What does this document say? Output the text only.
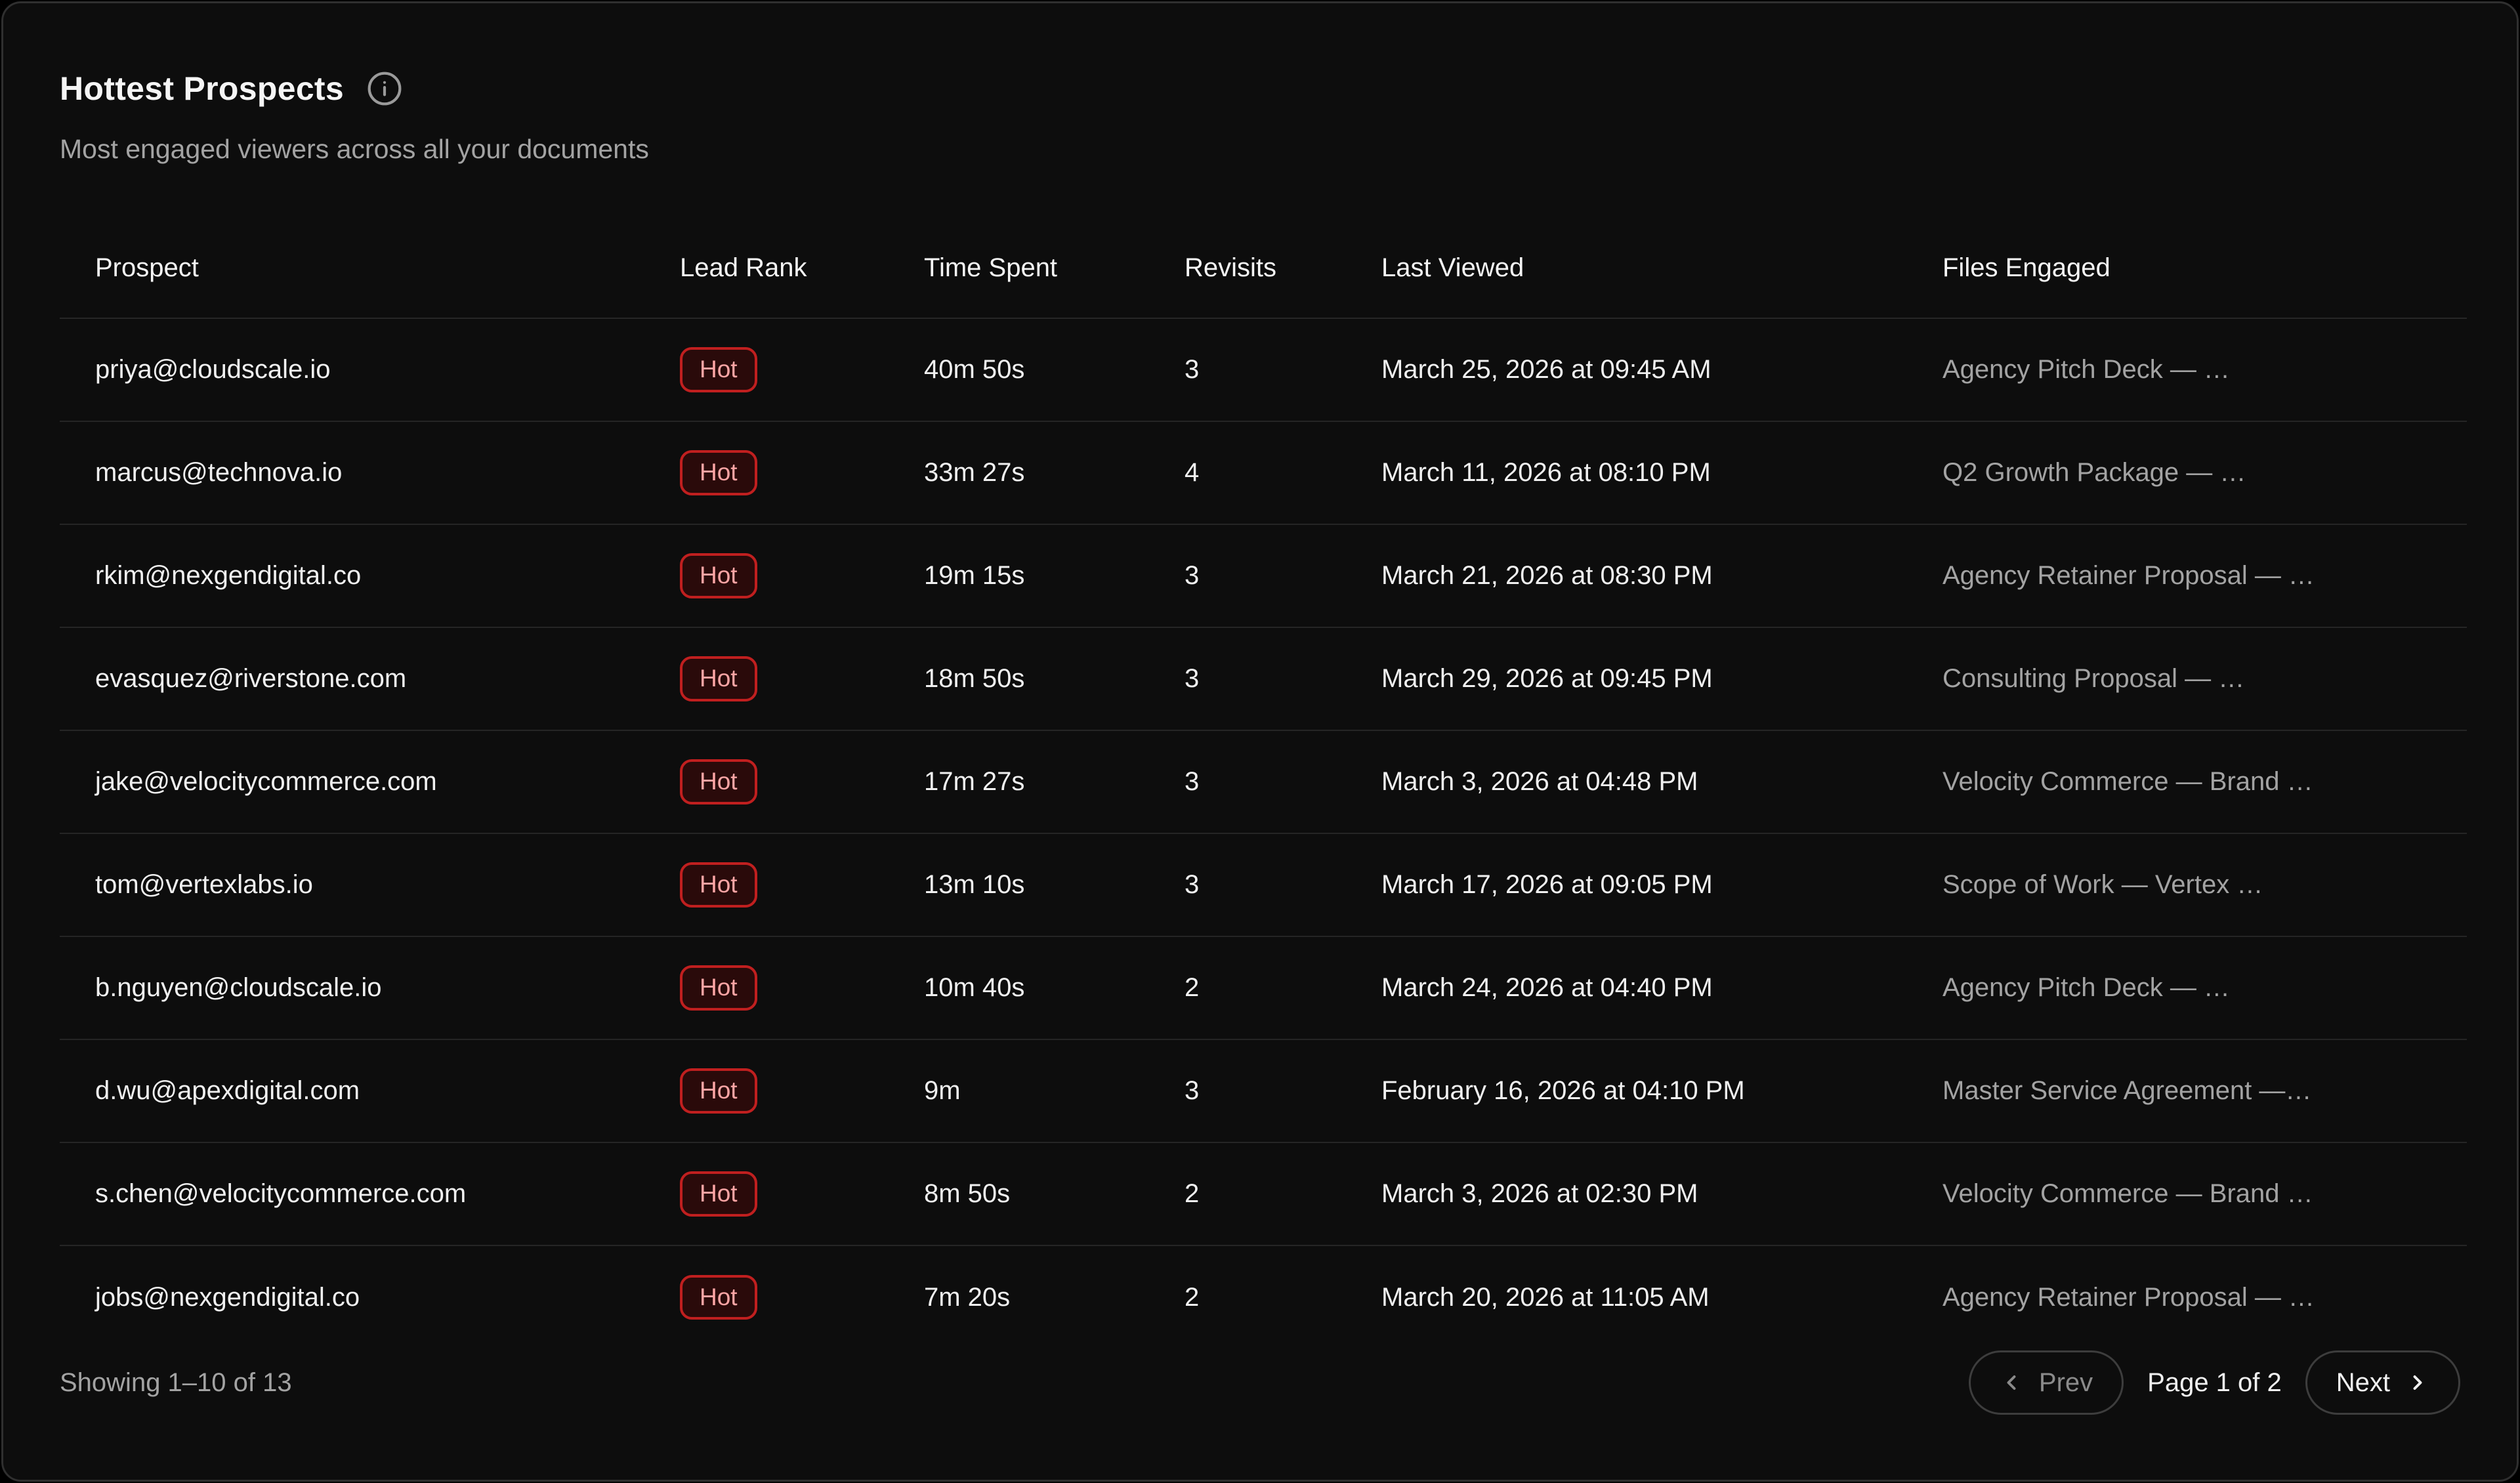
Hottest Prospects

Most engaged viewers across all your documents

Prospect	Lead Rank	Time Spent	Revisits	Last Viewed	Files Engaged
priya@cloudscale.io	Hot	40m 50s	3	March 25, 2026 at 09:45 AM	Agency Pitch Deck — …
marcus@technova.io	Hot	33m 27s	4	March 11, 2026 at 08:10 PM	Q2 Growth Package — …
rkim@nexgendigital.co	Hot	19m 15s	3	March 21, 2026 at 08:30 PM	Agency Retainer Proposal — …
evasquez@riverstone.com	Hot	18m 50s	3	March 29, 2026 at 09:45 PM	Consulting Proposal — …
jake@velocitycommerce.com	Hot	17m 27s	3	March 3, 2026 at 04:48 PM	Velocity Commerce — Brand …
tom@vertexlabs.io	Hot	13m 10s	3	March 17, 2026 at 09:05 PM	Scope of Work — Vertex …
b.nguyen@cloudscale.io	Hot	10m 40s	2	March 24, 2026 at 04:40 PM	Agency Pitch Deck — …
d.wu@apexdigital.com	Hot	9m	3	February 16, 2026 at 04:10 PM	Master Service Agreement —…
s.chen@velocitycommerce.com	Hot	8m 50s	2	March 3, 2026 at 02:30 PM	Velocity Commerce — Brand …
jobs@nexgendigital.co	Hot	7m 20s	2	March 20, 2026 at 11:05 AM	Agency Retainer Proposal — …
Showing 1–10 of 13	Prev Page 1 of 2 Next
